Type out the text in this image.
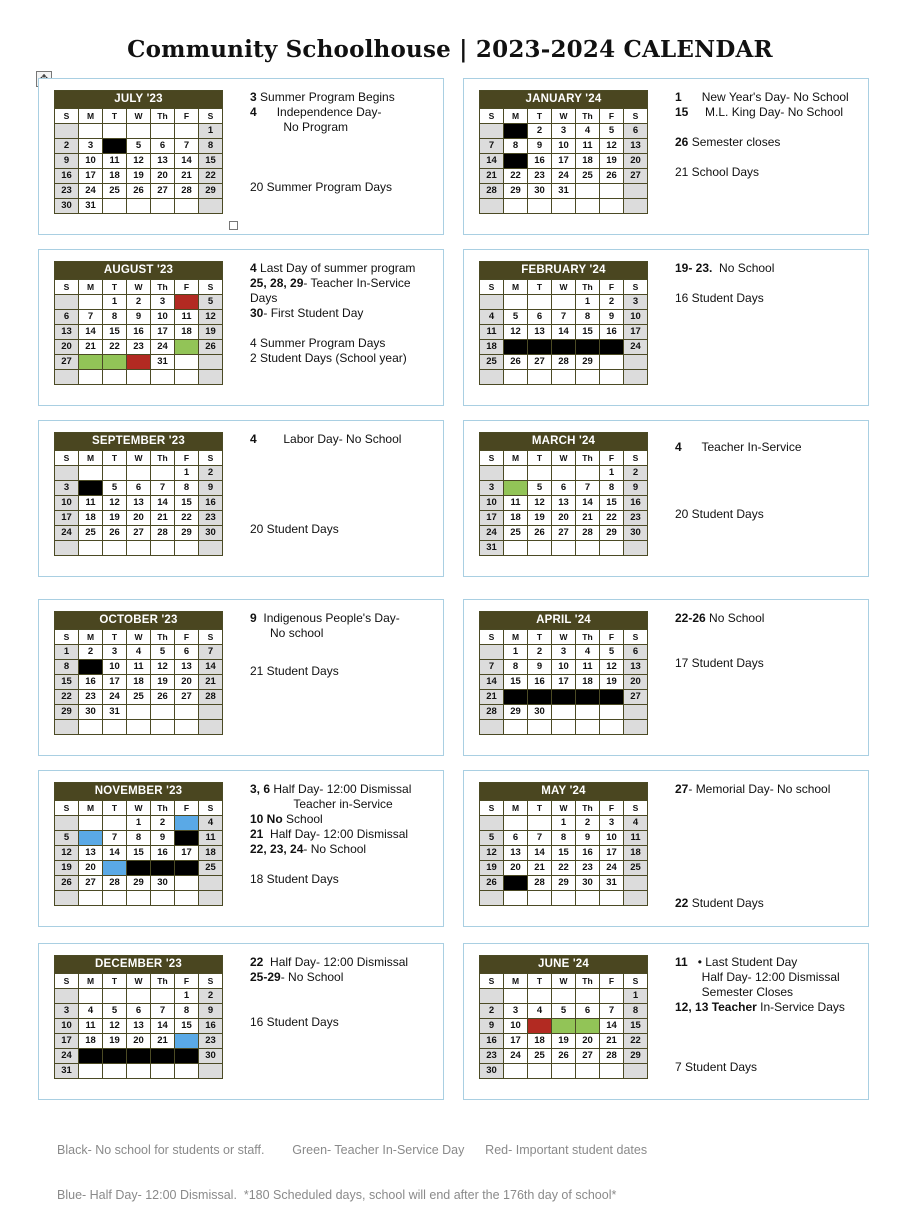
Community Schoolhouse | 2023-2024 CALENDAR
JULY '23						
S	M	T	W	Th	F	S
						1
2	3		5	6	7	8
9	10	11	12	13	14	15
16	17	18	19	20	21	22
23	24	25	26	27	28	29
30	31					
3 Summer Program Begins
4      Independence Day-
No Program
20 Summer Program Days
JANUARY '24						
S	M	T	W	Th	F	S
		2	3	4	5	6
7	8	9	10	11	12	13
14		16	17	18	19	20
21	22	23	24	25	26	27
28	29	30	31			

1      New Year's Day- No School
15     M.L. King Day- No School
26 Semester closes
21 School Days
AUGUST '23						
S	M	T	W	Th	F	S
		1	2	3		5
6	7	8	9	10	11	12
13	14	15	16	17	18	19
20	21	22	23	24		26
27				31		

4 Last Day of summer program
25, 28, 29- Teacher In-Service Days
30- First Student Day
4 Summer Program Days
2 Student Days (School year)
FEBRUARY '24						
S	M	T	W	Th	F	S
				1	2	3
4	5	6	7	8	9	10
11	12	13	14	15	16	17
18						24
25	26	27	28	29		

19- 23.  No School
16 Student Days
SEPTEMBER '23						
S	M	T	W	Th	F	S
					1	2
3		5	6	7	8	9
10	11	12	13	14	15	16
17	18	19	20	21	22	23
24	25	26	27	28	29	30

4        Labor Day- No School
20 Student Days
MARCH '24						
S	M	T	W	Th	F	S
					1	2
3		5	6	7	8	9
10	11	12	13	14	15	16
17	18	19	20	21	22	23
24	25	26	27	28	29	30
31						
4      Teacher In-Service
20 Student Days
OCTOBER '23						
S	M	T	W	Th	F	S
1	2	3	4	5	6	7
8		10	11	12	13	14
15	16	17	18	19	20	21
22	23	24	25	26	27	28
29	30	31				

9  Indigenous People's Day-
No school
21 Student Days
APRIL '24						
S	M	T	W	Th	F	S
	1	2	3	4	5	6
7	8	9	10	11	12	13
14	15	16	17	18	19	20
21						27
28	29	30				

22-26 No School
17 Student Days
NOVEMBER '23						
S	M	T	W	Th	F	S
			1	2		4
5		7	8	9		11
12	13	14	15	16	17	18
19	20					25
26	27	28	29	30		

3, 6 Half Day- 12:00 Dismissal
Teacher in-Service
10 No School
21  Half Day- 12:00 Dismissal
22, 23, 24- No School
18 Student Days
MAY '24						
S	M	T	W	Th	F	S
			1	2	3	4
5	6	7	8	9	10	11
12	13	14	15	16	17	18
19	20	21	22	23	24	25
26		28	29	30	31	

27- Memorial Day- No school
22 Student Days
DECEMBER '23						
S	M	T	W	Th	F	S
					1	2
3	4	5	6	7	8	9
10	11	12	13	14	15	16
17	18	19	20	21		23
24						30
31						
22  Half Day- 12:00 Dismissal
25-29- No School
16 Student Days
JUNE '24						
S	M	T	W	Th	F	S
						1
2	3	4	5	6	7	8
9	10				14	15
16	17	18	19	20	21	22
23	24	25	26	27	28	29
30						
11   • Last Student Day
Half Day- 12:00 Dismissal
Semester Closes
12, 13 Teacher In-Service Days
7 Student Days

Black- No school for students or staff.        Green- Teacher In-Service Day      Red- Important student dates

Blue- Half Day- 12:00 Dismissal.  *180 Scheduled days, school will end after the 176th day of school*
